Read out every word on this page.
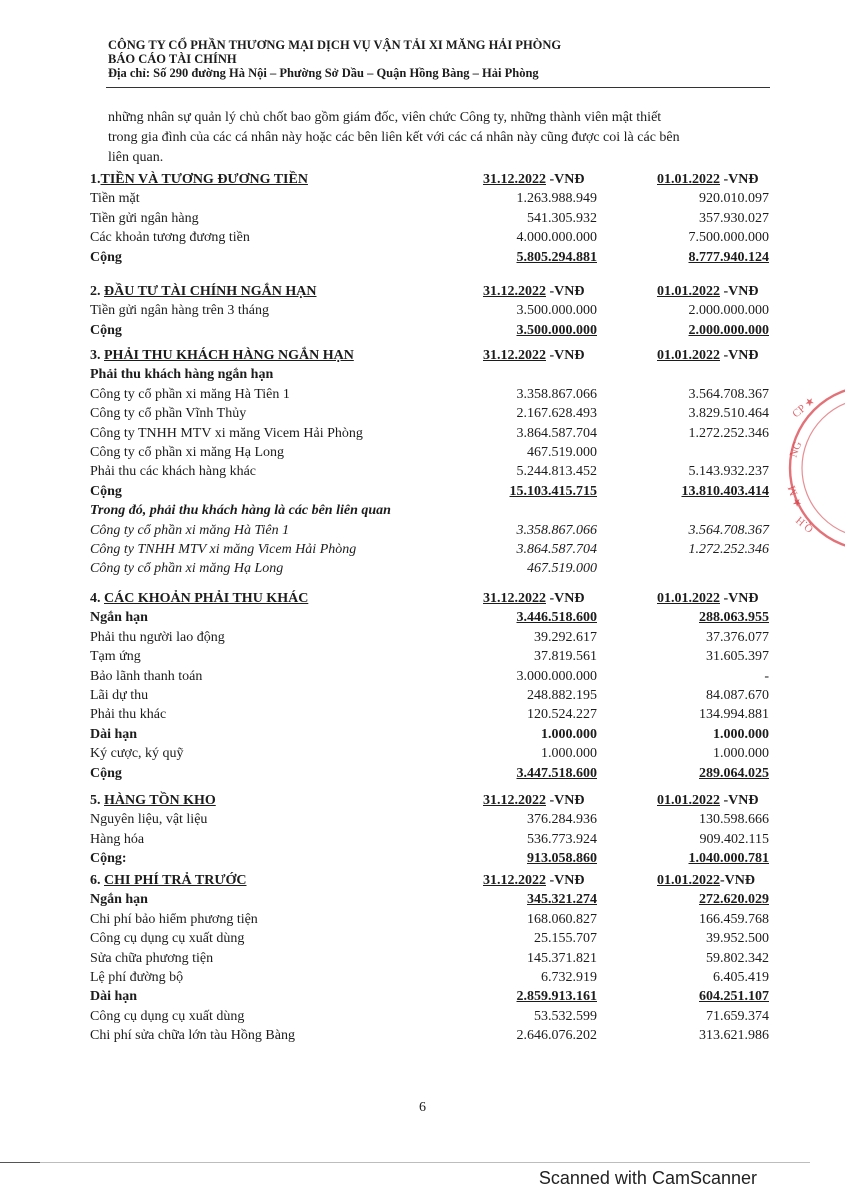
CÔNG TY CỔ PHẦN THƯƠNG MẠI DỊCH VỤ VẬN TẢI XI MĂNG HẢI PHÒNG
BÁO CÁO TÀI CHÍNH
Địa chỉ: Số 290 đường Hà Nội – Phường Sở Dầu – Quận Hồng Bàng – Hải Phòng

những nhân sự quản lý chủ chốt bao gồm giám đốc, viên chức Công ty, những thành viên mật thiết

trong gia đình của các cá nhân này hoặc các bên liên kết với các cá nhân này cũng được coi là các bên

liên quan.

1.TIỀN VÀ TƯƠNG ĐƯƠNG TIỀN	31.12.2022 -VNĐ	01.01.2022 -VNĐ
Tiền mặt	1.263.988.949	920.010.097
Tiền gửi ngân hàng	541.305.932	357.930.027
Các khoản tương đương tiền	4.000.000.000	7.500.000.000
Cộng	5.805.294.881	8.777.940.124
2. ĐẦU TƯ TÀI CHÍNH NGẮN HẠN	31.12.2022 -VNĐ	01.01.2022 -VNĐ
Tiền gửi ngân hàng trên 3 tháng	3.500.000.000	2.000.000.000
Cộng	3.500.000.000	2.000.000.000
3. PHẢI THU KHÁCH HÀNG NGẮN HẠN	31.12.2022 -VNĐ	01.01.2022 -VNĐ
Phải thu khách hàng ngắn hạn
Công ty cổ phần xi măng Hà Tiên 1	3.358.867.066	3.564.708.367
Công ty cổ phần Vĩnh Thủy	2.167.628.493	3.829.510.464
Công ty TNHH MTV xi măng Vicem Hải Phòng	3.864.587.704	1.272.252.346
Công ty cổ phần xi măng Hạ Long	467.519.000
Phải thu các khách hàng khác	5.244.813.452	5.143.932.237
Cộng	15.103.415.715	13.810.403.414
Trong đó, phải thu khách hàng là các bên liên quan
Công ty cổ phần xi măng Hà Tiên 1	3.358.867.066	3.564.708.367
Công ty TNHH MTV xi măng Vicem Hải Phòng	3.864.587.704	1.272.252.346
Công ty cổ phần xi măng Hạ Long	467.519.000
4. CÁC KHOẢN PHẢI THU KHÁC	31.12.2022 -VNĐ	01.01.2022 -VNĐ
Ngắn hạn	3.446.518.600	288.063.955
Phải thu người lao động	39.292.617	37.376.077
Tạm ứng	37.819.561	31.605.397
Bảo lãnh thanh toán	3.000.000.000	-
Lãi dự thu	248.882.195	84.087.670
Phải thu khác	120.524.227	134.994.881
Dài hạn	1.000.000	1.000.000
Ký cược, ký quỹ	1.000.000	1.000.000
Cộng	3.447.518.600	289.064.025
5. HÀNG TỒN KHO	31.12.2022 -VNĐ	01.01.2022 -VNĐ
Nguyên liệu, vật liệu	376.284.936	130.598.666
Hàng hóa	536.773.924	909.402.115
Cộng:	913.058.860	1.040.000.781
6. CHI PHÍ TRẢ TRƯỚC	31.12.2022 -VNĐ	01.01.2022-VNĐ
Ngắn hạn	345.321.274	272.620.029
Chi phí bảo hiểm phương tiện	168.060.827	166.459.768
Công cụ dụng cụ xuất dùng	25.155.707	39.952.500
Sửa chữa phương tiện	145.371.821	59.802.342
Lệ phí đường bộ	6.732.919	6.405.419
Dài hạn	2.859.913.161	604.251.107
Công cụ dụng cụ xuất dùng	53.532.599	71.659.374
Chi phí sửa chữa lớn tàu Hồng Bàng	2.646.076.202	313.621.986
CP ★
NG
★ M
Q.H
6
Scanned with CamScanner
